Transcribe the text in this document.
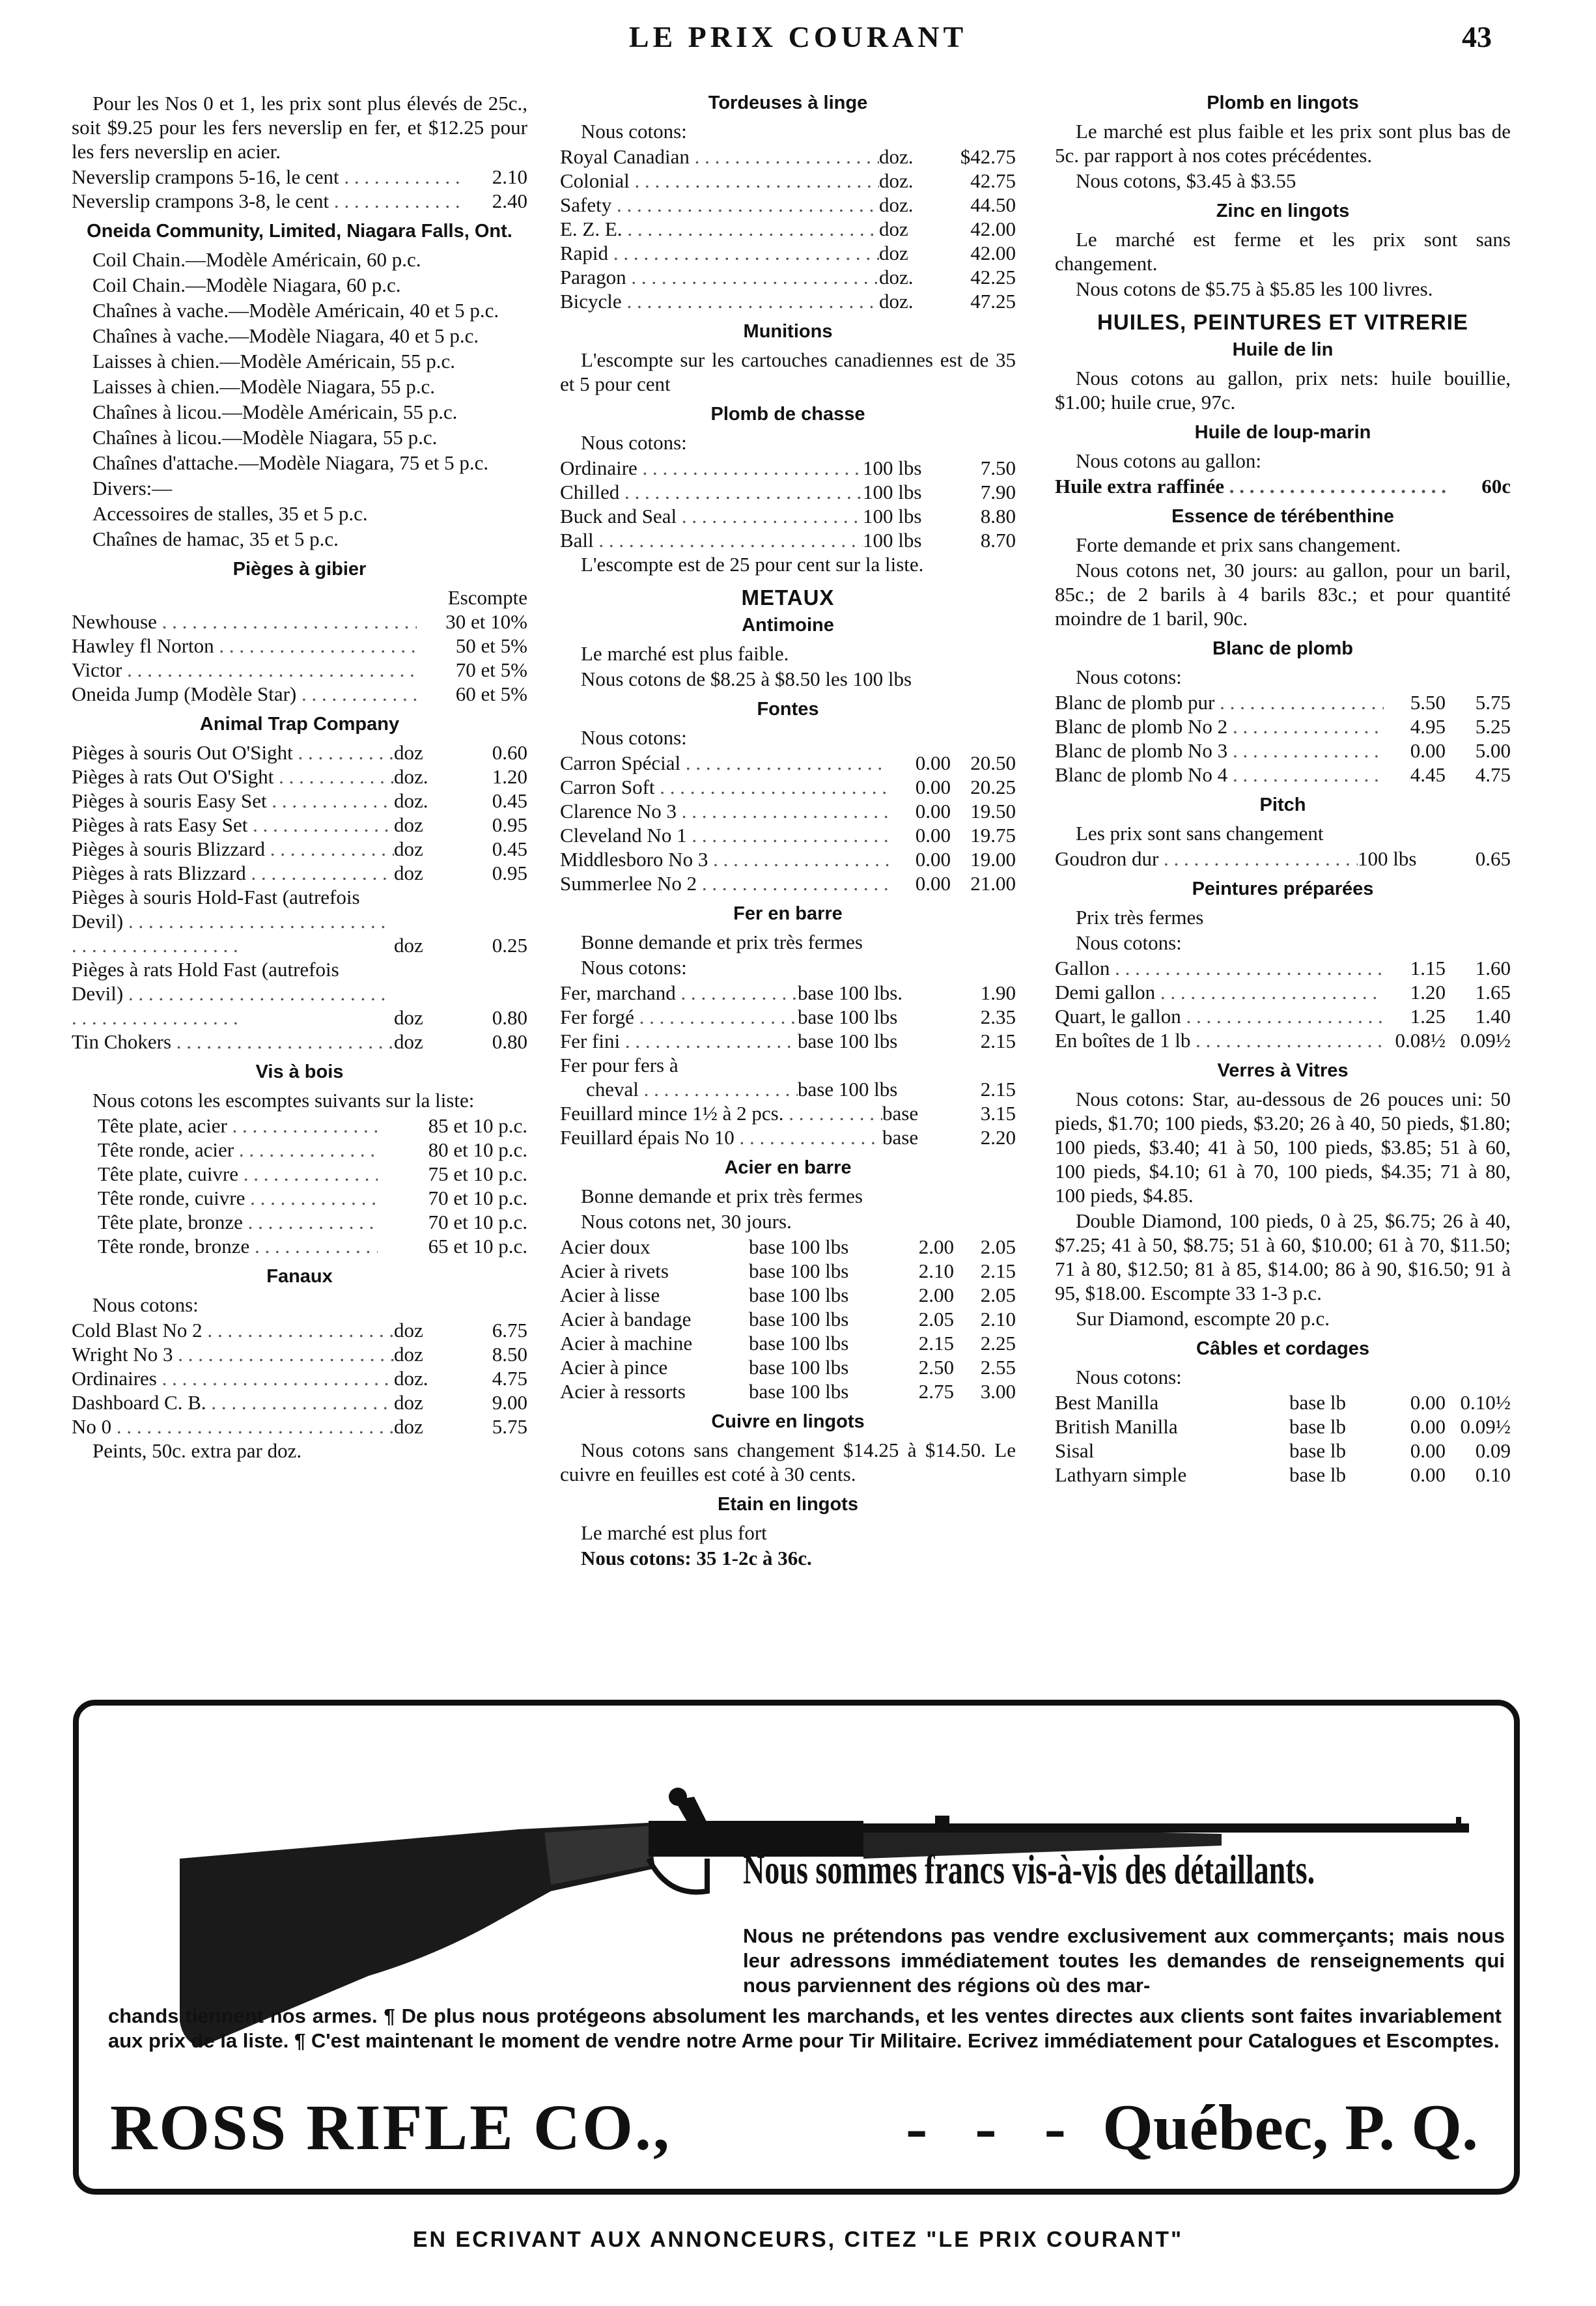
LE PRIX COURANT	43

Pour les Nos 0 et 1, les prix sont plus élevés de 25c., soit $9.25 pour les fers neverslip en fer, et $12.25 pour les fers neverslip en acier.

Neverslip crampons 5-16, le cent . . .	2.10
Neverslip crampons 3-8, le cent . . .	2.40
Oneida Community, Limited, Niagara Falls, Ont.

Coil Chain.—Modèle Américain, 60 p.c.

Coil Chain.—Modèle Niagara, 60 p.c.

Chaînes à vache.—Modèle Américain, 40 et 5 p.c.

Chaînes à vache.—Modèle Niagara, 40 et 5 p.c.

Laisses à chien.—Modèle Américain, 55 p.c.

Laisses à chien.—Modèle Niagara, 55 p.c.

Chaînes à licou.—Modèle Américain, 55 p.c.

Chaînes à licou.—Modèle Niagara, 55 p.c.

Chaînes d'attache.—Modèle Niagara, 75 et 5 p.c.

Divers:—

Accessoires de stalles, 35 et 5 p.c.

Chaînes de hamac, 35 et 5 p.c.

Pièges à gibier
Escompte
Newhouse . . .	30 et 10%
Hawley fl Norton . . .	50 et 5%
Victor . . .	70 et 5%
Oneida Jump (Modèle Star) . . .	60 et 5%
Animal Trap Company
Pièges à souris Out O'Sight . . .	doz	0.60
Pièges à rats Out O'Sight . . .	doz.	1.20
Pièges à souris Easy Set . . .	doz.	0.45
Pièges à rats Easy Set . . .	doz	0.95
Pièges à souris Blizzard . . .	doz	0.45
Pièges à rats Blizzard . . .	doz	0.95
Pièges à souris Hold-Fast (autrefois Devil) . . .
doz	0.25
Pièges à rats Hold Fast (autrefois Devil) . . .
doz	0.80
Tin Chokers . . .	doz	0.80
Vis à bois

Nous cotons les escomptes suivants sur la liste:

Tête plate, acier . . .	85 et 10 p.c.
Tête ronde, acier . . .	80 et 10 p.c.
Tête plate, cuivre . . .	75 et 10 p.c.
Tête ronde, cuivre . . .	70 et 10 p.c.
Tête plate, bronze . . .	70 et 10 p.c.
Tête ronde, bronze . . .	65 et 10 p.c.
Fanaux

Nous cotons:

Cold Blast No 2 . . .	doz	6.75
Wright No 3 . . .	doz	8.50
Ordinaires . . .	doz.	4.75
Dashboard C. B. . . .	doz	9.00
No 0 . . .	doz	5.75

Peints, 50c. extra par doz.

Tordeuses à linge

Nous cotons:

Royal Canadian . . .	doz.	$42.75
Colonial . . .	doz.	42.75
Safety . . .	doz.	44.50
E. Z. E. . . .	doz	42.00
Rapid . . .	doz	42.00
Paragon . . .	doz.	42.25
Bicycle . . .	doz.	47.25
Munitions

L'escompte sur les cartouches canadiennes est de 35 et 5 pour cent

Plomb de chasse

Nous cotons:

Ordinaire . . .	100 lbs	7.50
Chilled . . .	100 lbs	7.90
Buck and Seal . . .	100 lbs	8.80
Ball . . .	100 lbs	8.70

L'escompte est de 25 pour cent sur la liste.

METAUX
Antimoine

Le marché est plus faible.

Nous cotons de $8.25 à $8.50 les 100 lbs

Fontes

Nous cotons:

Carron Spécial . . .	0.00 20.50
Carron Soft . . .	0.00 20.25
Clarence No 3 . . .	0.00 19.50
Cleveland No 1 . . .	0.00 19.75
Middlesboro No 3 . . .	0.00 19.00
Summerlee No 2 . . .	0.00 21.00
Fer en barre

Bonne demande et prix très fermes

Nous cotons:

Fer, marchand . . .	base 100 lbs.	1.90
Fer forgé . . .	base 100 lbs	2.35
Fer fini . . .	base 100 lbs	2.15

Fer pour fers à

cheval . . .	base 100 lbs	2.15
Feuillard mince 1½ à 2 pcs. . . .	base	3.15
Feuillard épais No 10 . . .	base	2.20
Acier en barre

Bonne demande et prix très fermes

Nous cotons net, 30 jours.

Acier doux	base 100 lbs	2.00	2.05
Acier à rivets	base 100 lbs	2.10	2.15
Acier à lisse	base 100 lbs	2.00	2.05
Acier à bandage	base 100 lbs	2.05	2.10
Acier à machine	base 100 lbs	2.15	2.25
Acier à pince	base 100 lbs	2.50	2.55
Acier à ressorts	base 100 lbs	2.75	3.00
Cuivre en lingots

Nous cotons sans changement $14.25 à $14.50. Le cuivre en feuilles est coté à 30 cents.

Etain en lingots

Le marché est plus fort

Nous cotons: 35 1-2c à 36c.

Plomb en lingots

Le marché est plus faible et les prix sont plus bas de 5c. par rapport à nos cotes précédentes.

Nous cotons, $3.45 à $3.55

Zinc en lingots

Le marché est ferme et les prix sont sans changement.

Nous cotons de $5.75 à $5.85 les 100 livres.

HUILES, PEINTURES ET VITRERIE
Huile de lin

Nous cotons au gallon, prix nets: huile bouillie, $1.00; huile crue, 97c.

Huile de loup-marin

Nous cotons au gallon:

Huile extra raffinée . . .	60c
Essence de térébenthine

Forte demande et prix sans changement.

Nous cotons net, 30 jours: au gallon, pour un baril, 85c.; de 2 barils à 4 barils 83c.; et pour quantité moindre de 1 baril, 90c.

Blanc de plomb

Nous cotons:

Blanc de plomb pur . . .	5.50	5.75
Blanc de plomb No 2 . . .	4.95	5.25
Blanc de plomb No 3 . . .	0.00	5.00
Blanc de plomb No 4 . . .	4.45	4.75
Pitch

Les prix sont sans changement

Goudron dur . . .	100 lbs	0.65
Peintures préparées

Prix très fermes

Nous cotons:

Gallon . . .	1.15	1.60
Demi gallon . . .	1.20	1.65
Quart, le gallon . . .	1.25	1.40
En boîtes de 1 lb . . .	0.08½ 0.09½
Verres à Vitres

Nous cotons: Star, au-dessous de 26 pouces uni: 50 pieds, $1.70; 100 pieds, $3.20; 26 à 40, 50 pieds, $1.80; 100 pieds, $3.40; 41 à 50, 100 pieds, $3.85; 51 à 60, 100 pieds, $4.10; 61 à 70, 100 pieds, $4.35; 71 à 80, 100 pieds, $4.85.

Double Diamond, 100 pieds, 0 à 25, $6.75; 26 à 40, $7.25; 41 à 50, $8.75; 51 à 60, $10.00; 61 à 70, $11.50; 71 à 80, $12.50; 81 à 85, $14.00; 86 à 90, $16.50; 91 à 95, $18.00. Escompte 33 1-3 p.c.

Sur Diamond, escompte 20 p.c.

Câbles et cordages

Nous cotons:

Best Manilla	base lb	0.00 0.10½
British Manilla	base lb	0.00 0.09½
Sisal	base lb	0.00	0.09
Lathyarn simple	base lb	0.00	0.10
Nous sommes francs vis-à-vis des détaillants.
Nous ne prétendons pas vendre exclusivement aux commerçants; mais nous leur adressons immédiatement toutes les demandes de renseignements qui nous parviennent des régions où des mar-
chands tiennent nos armes. ¶ De plus nous protégeons absolument les marchands, et les ventes directes aux clients sont faites invariablement aux prix de la liste. ¶ C'est maintenant le moment de vendre notre Arme pour Tir Militaire. Ecrivez immédiatement pour Catalogues et Escomptes.
ROSS RIFLE CO.,	- - - Québec, P. Q.
EN ECRIVANT AUX ANNONCEURS, CITEZ "LE PRIX COURANT"
